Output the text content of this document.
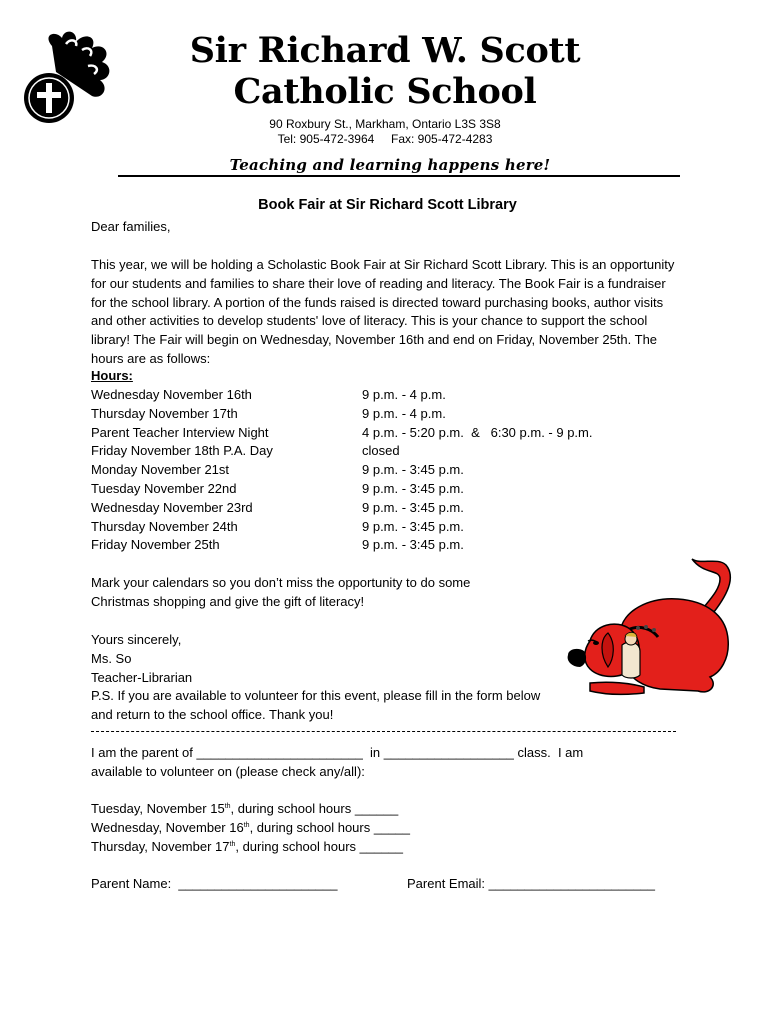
Sir Richard W. Scott Catholic School
90 Roxbury St., Markham, Ontario L3S 3S8
Tel: 905-472-3964     Fax: 905-472-4283
Teaching and learning happens here!
Book Fair at Sir Richard Scott Library
Dear families,
This year, we will be holding a Scholastic Book Fair at Sir Richard Scott Library. This is an opportunity for our students and families to share their love of reading and literacy. The Book Fair is a fundraiser for the school library. A portion of the funds raised is directed toward purchasing books, author visits and other activities to develop students' love of literacy. This is your chance to support the school library! The Fair will begin on Wednesday, November 16th and end on Friday, November 25th. The hours are as follows:
Hours:
Wednesday November 16th	9 p.m. - 4 p.m.
Thursday November 17th	9 p.m. - 4 p.m.
Parent Teacher Interview Night	4 p.m. - 5:20 p.m.  &   6:30 p.m. - 9 p.m.
Friday November 18th P.A. Day	closed
Monday November 21st	9 p.m. - 3:45 p.m.
Tuesday November 22nd	9 p.m. - 3:45 p.m.
Wednesday November 23rd	9 p.m. - 3:45 p.m.
Thursday November 24th	9 p.m. - 3:45 p.m.
Friday November 25th	9 p.m. - 3:45 p.m.
Mark your calendars so you don’t miss the opportunity to do some Christmas shopping and give the gift of literacy!
Yours sincerely,
Ms. So
Teacher-Librarian
P.S. If you are available to volunteer for this event, please fill in the form below and return to the school office. Thank you!
I am the parent of _______________________  in __________________ class.  I am
available to volunteer on (please check any/all):
Tuesday, November 15th, during school hours ______
Wednesday, November 16th, during school hours _____
Thursday, November 17th, during school hours ______
Parent Name:  ______________________	Parent Email: _______________________
